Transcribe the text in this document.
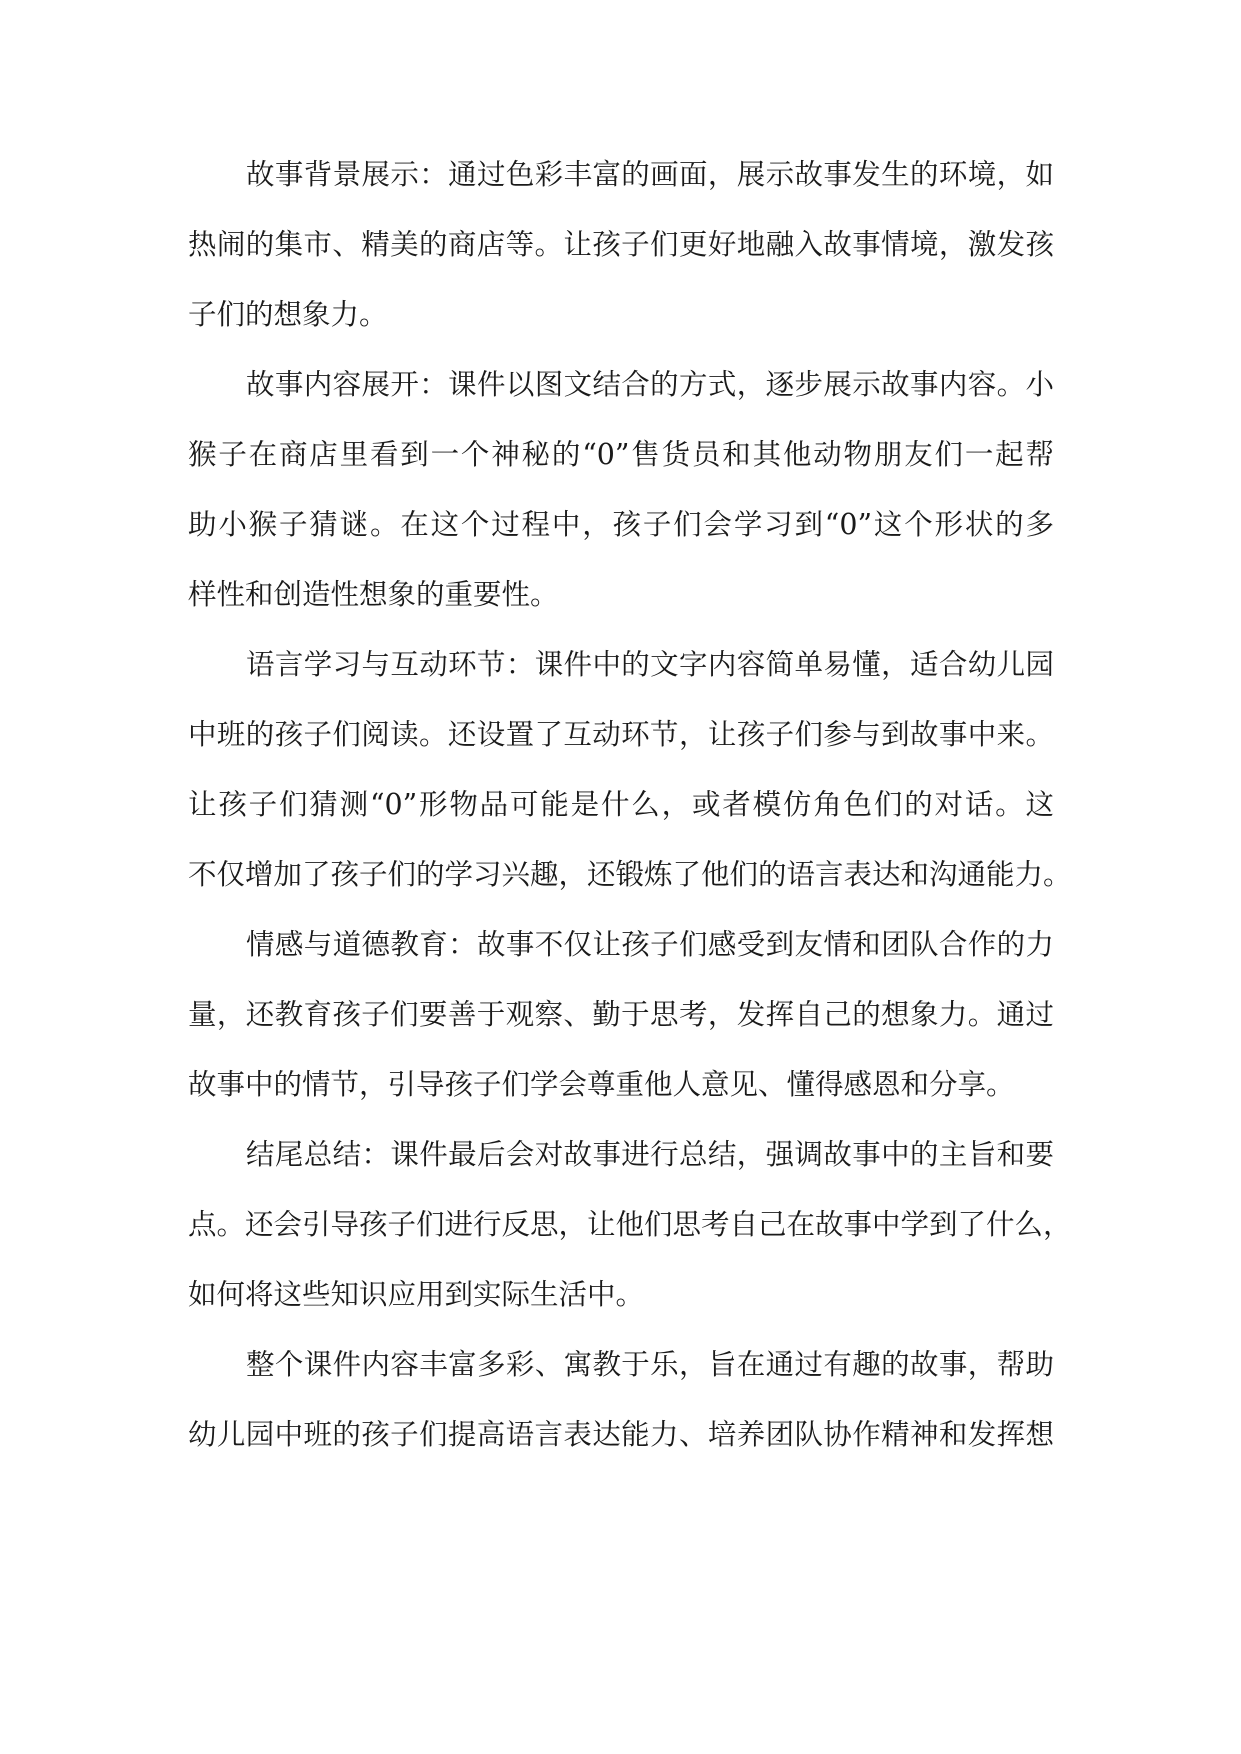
故事背景展示：通过色彩丰富的画面，展示故事发生的环境，如
热闹的集市、精美的商店等。让孩子们更好地融入故事情境，激发孩
子们的想象力。
故事内容展开：课件以图文结合的方式，逐步展示故事内容。小
猴子在商店里看到一个神秘的“0”售货员和其他动物朋友们一起帮
助小猴子猜谜。在这个过程中，孩子们会学习到“0”这个形状的多
样性和创造性想象的重要性。
语言学习与互动环节：课件中的文字内容简单易懂，适合幼儿园
中班的孩子们阅读。还设置了互动环节，让孩子们参与到故事中来。
让孩子们猜测“0”形物品可能是什么，或者模仿角色们的对话。这
不仅增加了孩子们的学习兴趣，还锻炼了他们的语言表达和沟通能力。
情感与道德教育：故事不仅让孩子们感受到友情和团队合作的力
量，还教育孩子们要善于观察、勤于思考，发挥自己的想象力。通过
故事中的情节，引导孩子们学会尊重他人意见、懂得感恩和分享。
结尾总结：课件最后会对故事进行总结，强调故事中的主旨和要
点。还会引导孩子们进行反思，让他们思考自己在故事中学到了什么，
如何将这些知识应用到实际生活中。
整个课件内容丰富多彩、寓教于乐，旨在通过有趣的故事，帮助
幼儿园中班的孩子们提高语言表达能力、培养团队协作精神和发挥想
